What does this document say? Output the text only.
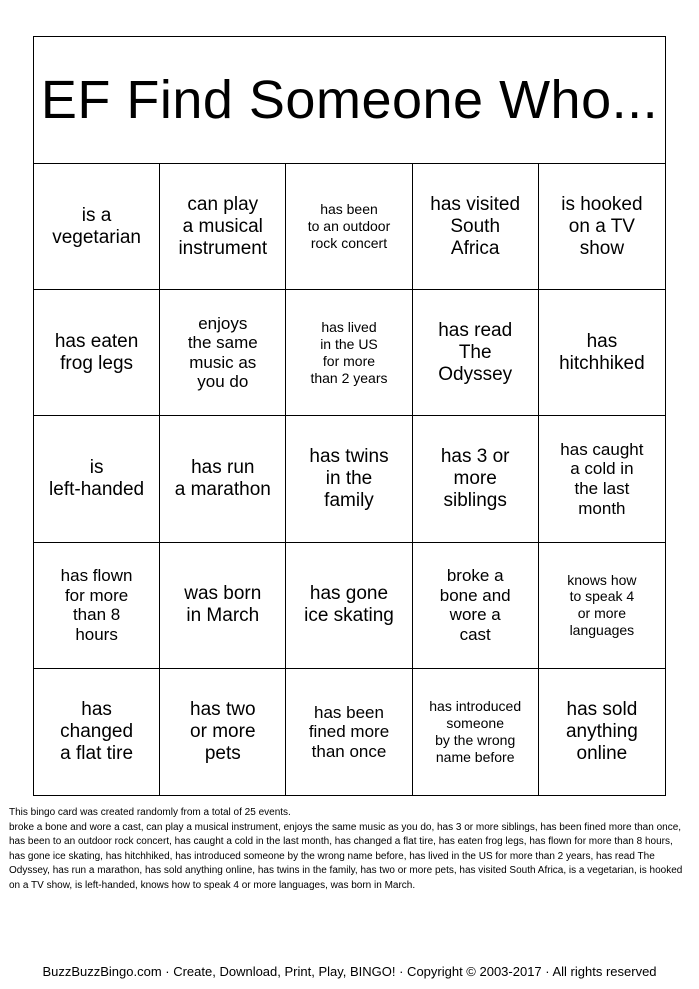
EF Find Someone Who...
is a
vegetarian
can play
a musical
instrument
has been
to an outdoor
rock concert
has visited
South
Africa
is hooked
on a TV
show
has eaten
frog legs
enjoys
the same
music as
you do
has lived
in the US
for more
than 2 years
has read
The
Odyssey
has
hitchhiked
is
left-handed
has run
a marathon
has twins
in the
family
has 3 or
more
siblings
has caught
a cold in
the last
month
has flown
for more
than 8
hours
was born
in March
has gone
ice skating
broke a
bone and
wore a
cast
knows how
to speak 4
or more
languages
has
changed
a flat tire
has two
or more
pets
has been
fined more
than once
has introduced
someone
by the wrong
name before
has sold
anything
online

This bingo card was created randomly from a total of 25 events.

broke a bone and wore a cast, can play a musical instrument, enjoys the same music as you do, has 3 or more siblings, has been fined more than once, has been to an outdoor rock concert, has caught a cold in the last month, has changed a flat tire, has eaten frog legs, has flown for more than 8 hours, has gone ice skating, has hitchhiked, has introduced someone by the wrong name before, has lived in the US for more than 2 years, has read The Odyssey, has run a marathon, has sold anything online, has twins in the family, has two or more pets, has visited South Africa, is a vegetarian, is hooked on a TV show, is left-handed, knows how to speak 4 or more languages, was born in March.

BuzzBuzzBingo.com · Create, Download, Print, Play, BINGO! · Copyright © 2003-2017 · All rights reserved
